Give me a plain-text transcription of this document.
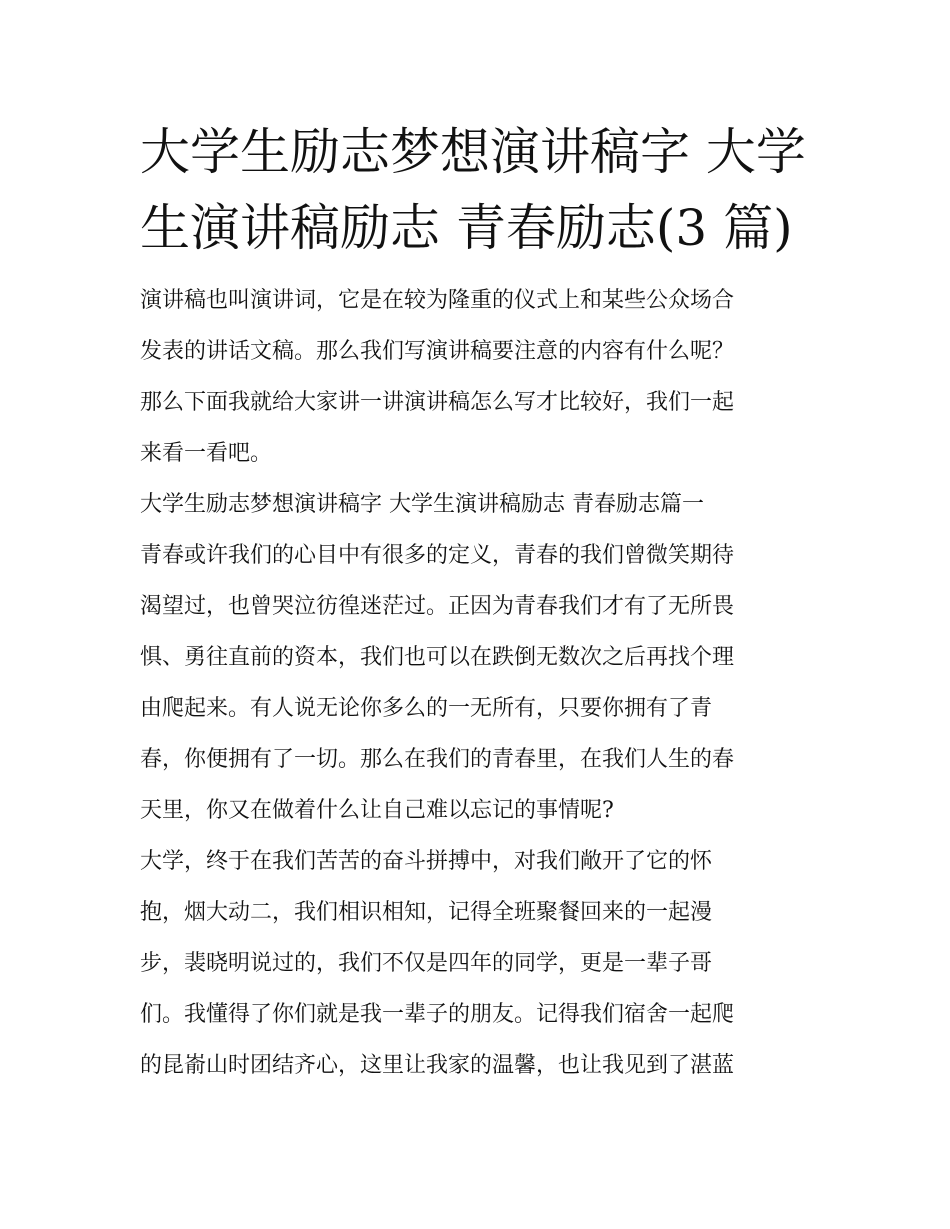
大学生励志梦想演讲稿字 大学
生演讲稿励志 青春励志(3 篇)
演讲稿也叫演讲词，它是在较为隆重的仪式上和某些公众场合
发表的讲话文稿。那么我们写演讲稿要注意的内容有什么呢？
那么下面我就给大家讲一讲演讲稿怎么写才比较好，我们一起
来看一看吧。
大学生励志梦想演讲稿字 大学生演讲稿励志 青春励志篇一
青春或许我们的心目中有很多的定义，青春的我们曾微笑期待
渴望过，也曾哭泣彷徨迷茫过。正因为青春我们才有了无所畏
惧、勇往直前的资本，我们也可以在跌倒无数次之后再找个理
由爬起来。有人说无论你多么的一无所有，只要你拥有了青
春，你便拥有了一切。那么在我们的青春里，在我们人生的春
天里，你又在做着什么让自己难以忘记的事情呢?
大学，终于在我们苦苦的奋斗拼搏中，对我们敞开了它的怀
抱，烟大动二，我们相识相知，记得全班聚餐回来的一起漫
步，裴晓明说过的，我们不仅是四年的同学，更是一辈子哥
们。我懂得了你们就是我一辈子的朋友。记得我们宿舍一起爬
的昆嵛山时团结齐心，这里让我家的温馨，也让我见到了湛蓝
